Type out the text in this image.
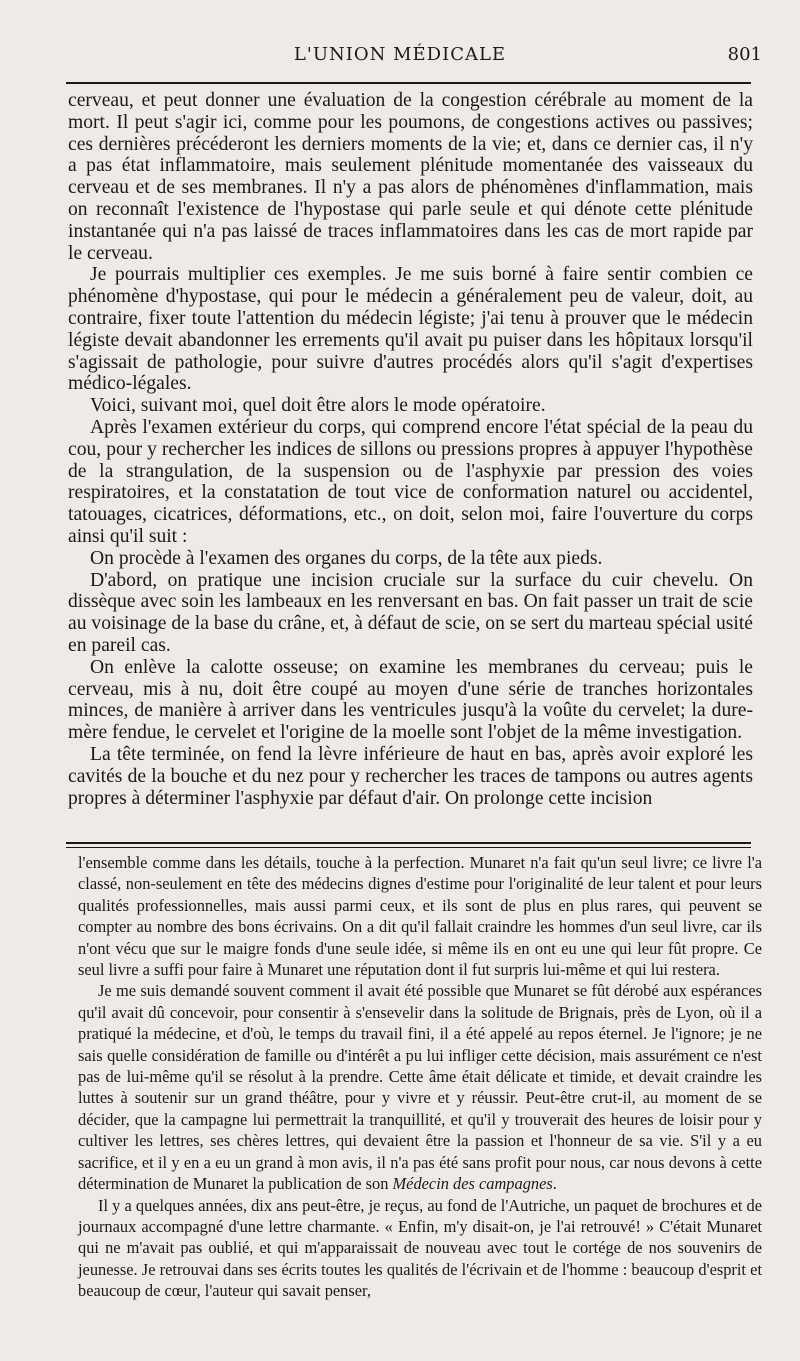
L'UNION MÉDICALE	801

cerveau, et peut donner une évaluation de la congestion cérébrale au moment de la mort. Il peut s'agir ici, comme pour les poumons, de congestions actives ou passives; ces dernières précéderont les derniers moments de la vie; et, dans ce dernier cas, il n'y a pas état inflammatoire, mais seulement plénitude momentanée des vaisseaux du cerveau et de ses membranes. Il n'y a pas alors de phénomènes d'inflammation, mais on reconnaît l'existence de l'hypostase qui parle seule et qui dénote cette plénitude instantanée qui n'a pas laissé de traces inflammatoires dans les cas de mort rapide par le cerveau.

Je pourrais multiplier ces exemples. Je me suis borné à faire sentir combien ce phénomène d'hypostase, qui pour le médecin a généralement peu de valeur, doit, au contraire, fixer toute l'attention du médecin légiste; j'ai tenu à prouver que le médecin légiste devait abandonner les errements qu'il avait pu puiser dans les hôpitaux lorsqu'il s'agissait de pathologie, pour suivre d'autres procédés alors qu'il s'agit d'expertises médico-légales.

Voici, suivant moi, quel doit être alors le mode opératoire.

Après l'examen extérieur du corps, qui comprend encore l'état spécial de la peau du cou, pour y rechercher les indices de sillons ou pressions propres à appuyer l'hypothèse de la strangulation, de la suspension ou de l'asphyxie par pression des voies respiratoires, et la constatation de tout vice de conformation naturel ou accidentel, tatouages, cicatrices, déformations, etc., on doit, selon moi, faire l'ouverture du corps ainsi qu'il suit :

On procède à l'examen des organes du corps, de la tête aux pieds.

D'abord, on pratique une incision cruciale sur la surface du cuir chevelu. On dissèque avec soin les lambeaux en les renversant en bas. On fait passer un trait de scie au voisinage de la base du crâne, et, à défaut de scie, on se sert du marteau spécial usité en pareil cas.

On enlève la calotte osseuse; on examine les membranes du cerveau; puis le cerveau, mis à nu, doit être coupé au moyen d'une série de tranches horizontales minces, de manière à arriver dans les ventricules jusqu'à la voûte du cervelet; la dure-mère fendue, le cervelet et l'origine de la moelle sont l'objet de la même investigation.

La tête terminée, on fend la lèvre inférieure de haut en bas, après avoir exploré les cavités de la bouche et du nez pour y rechercher les traces de tampons ou autres agents propres à déterminer l'asphyxie par défaut d'air. On prolonge cette incision

l'ensemble comme dans les détails, touche à la perfection. Munaret n'a fait qu'un seul livre; ce livre l'a classé, non-seulement en tête des médecins dignes d'estime pour l'originalité de leur talent et pour leurs qualités professionnelles, mais aussi parmi ceux, et ils sont de plus en plus rares, qui peuvent se compter au nombre des bons écrivains. On a dit qu'il fallait craindre les hommes d'un seul livre, car ils n'ont vécu que sur le maigre fonds d'une seule idée, si même ils en ont eu une qui leur fût propre. Ce seul livre a suffi pour faire à Munaret une réputation dont il fut surpris lui-même et qui lui restera.

Je me suis demandé souvent comment il avait été possible que Munaret se fût dérobé aux espérances qu'il avait dû concevoir, pour consentir à s'ensevelir dans la solitude de Brignais, près de Lyon, où il a pratiqué la médecine, et d'où, le temps du travail fini, il a été appelé au repos éternel. Je l'ignore; je ne sais quelle considération de famille ou d'intérêt a pu lui infliger cette décision, mais assurément ce n'est pas de lui-même qu'il se résolut à la prendre. Cette âme était délicate et timide, et devait craindre les luttes à soutenir sur un grand théâtre, pour y vivre et y réussir. Peut-être crut-il, au moment de se décider, que la campagne lui permettrait la tranquillité, et qu'il y trouverait des heures de loisir pour y cultiver les lettres, ses chères lettres, qui devaient être la passion et l'honneur de sa vie. S'il y a eu sacrifice, et il y en a eu un grand à mon avis, il n'a pas été sans profit pour nous, car nous devons à cette détermination de Munaret la publication de son Médecin des campagnes.

Il y a quelques années, dix ans peut-être, je reçus, au fond de l'Autriche, un paquet de brochures et de journaux accompagné d'une lettre charmante. « Enfin, m'y disait-on, je l'ai retrouvé! » C'était Munaret qui ne m'avait pas oublié, et qui m'apparaissait de nouveau avec tout le cortége de nos souvenirs de jeunesse. Je retrouvai dans ses écrits toutes les qualités de l'écrivain et de l'homme : beaucoup d'esprit et beaucoup de cœur, l'auteur qui savait penser,
